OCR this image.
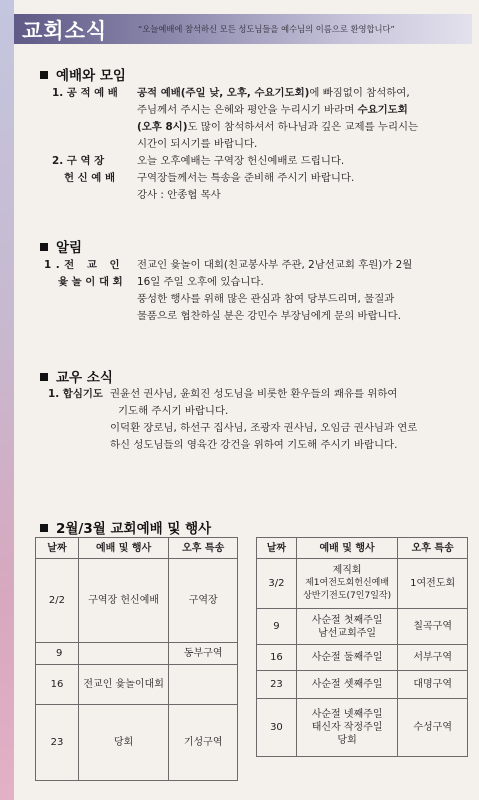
교회소식	“오늘예배에 참석하신 모든 성도님들을 예수님의 이름으로 환영합니다”
예배와 모임
1. 공 적 예 배 공적 예배(주일 낮, 오후, 수요기도회)에 빠짐없이 참석하여,
주님께서 주시는 은혜와 평안을 누리시기 바라며 수요기도회
(오후 8시)도 많이 참석하셔서 하나님과 깊은 교제를 누리시는
시간이 되시기를 바랍니다.
2. 구 역 장	오늘 오후예배는 구역장 헌신예배로 드립니다.
헌 신 예 배 구역장들께서는 특송을 준비해 주시기 바랍니다.
강사 : 안종협 목사
알림
1.전 교 인
윷 놀 이 대 회
전교인 윷놀이 대회(친교봉사부 주관, 2남선교회 후원)가 2월
16일 주일 오후에 있습니다.
풍성한 행사를 위해 많은 관심과 참여 당부드리며, 물질과
물품으로 협찬하실 분은 강민수 부장님에게 문의 바랍니다.
교우 소식
1. 합심기도 권윤선 권사님, 윤희진 성도님을 비롯한 환우들의 쾌유를 위하여
기도해 주시기 바랍니다.
이덕환 장로님, 하선구 집사님, 조광자 권사님, 오임금 권사님과 연로
하신 성도님들의 영육간 강건을 위하여 기도해 주시기 바랍니다.
2월/3월 교회예배 및 행사
날짜	예배 및 행사	오후 특송
2/2	구역장 헌신예배	구역장
9		동부구역
16	전교인 윷놀이대회	
23	당회	기성구역
날짜	예배 및 행사	오후 특송
3/2	제직회
제1여전도회헌신예배
상반기전도(7인7일작)	1여전도회
9	사순절 첫째주일
남선교회주일	칠곡구역
16	사순절 둘째주일	서부구역
23	사순절 셋째주일	대명구역
30	사순절 넷째주일
태신자 작정주일
당회	수성구역
